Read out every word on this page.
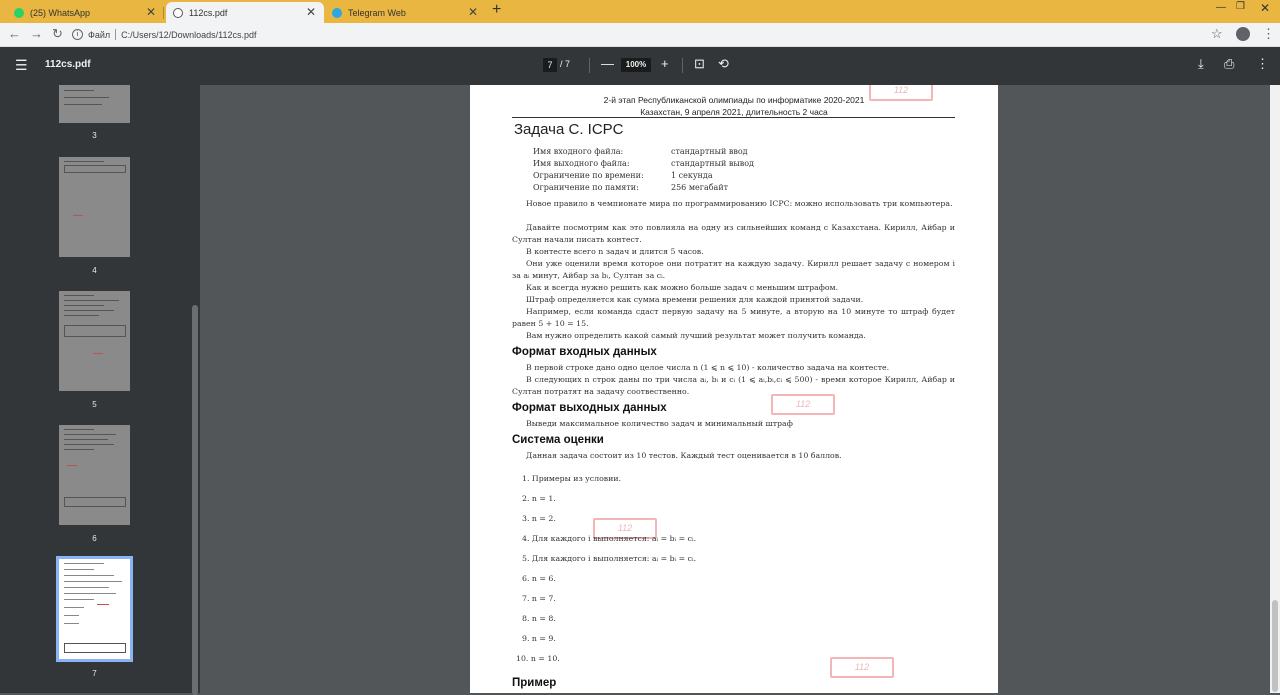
(25) WhatsApp	✕	112cs.pdf	✕	Telegram Web	✕ +	— ❐ ✕
← → ↻	i	Файл C:/Users/12/Downloads/112cs.pdf	☆	⋮
☰ 112cs.pdf	7 / 7 —	100%	+ ⊡ ⟲	⤓ ⎙ ⋮
3
4
5
6
7
112
2-й этап Республиканской олимпиады по информатике 2020-2021
Казахстан, 9 апреля 2021, длительность 2 часа
Задача C. ICPC
Имя входного файла:	стандартный ввод
Имя выходного файла:	стандартный вывод
Ограничение по времени:	1 секунда
Ограничение по памяти:	256 мегабайт
Новое правило в чемпионате мира по программированию ICPC: можно использовать три компьютера.
Давайте посмотрим как это повлияла на одну из сильнейших команд с Казахстана. Кирилл, Айбар и Султан начали писать контест.
В контесте всего n задач и длится 5 часов.
Они уже оценили время которое они потратят на каждую задачу. Кирилл решает задачу с номером i за aᵢ минут, Айбар за bᵢ, Султан за cᵢ.
Как и всегда нужно решить как можно больше задач с меньшим штрафом.
Штраф определяется как сумма времени решения для каждой принятой задачи.
Например, если команда сдаст первую задачу на 5 минуте, а вторую на 10 минуте то штраф будет равен 5 + 10 = 15.
Вам нужно определить какой самый лучший результат может получить команда.
Формат входных данных
В первой строке дано одно целое числа n (1 ⩽ n ⩽ 10) - количество задача на контесте.
В следующих n строк даны по три числа aᵢ, bᵢ и cᵢ (1 ⩽ aᵢ,bᵢ,cᵢ ⩽ 500) - время которое Кирилл, Айбар и Султан потратят на задачу соотвественно.
112
Формат выходных данных
Выведи максимальное количество задач и минимальный штраф
Система оценки
Данная задача состоит из 10 тестов. Каждый тест оценивается в 10 баллов.
1. Примеры из условии.
2. n = 1.
3. n = 2.
112
4. Для каждого i выполняется: aᵢ = bᵢ = cᵢ.
5. Для каждого i выполняется: aᵢ = bᵢ = cᵢ.
6. n = 6.
7. n = 7.
8. n = 8.
9. n = 9.
10. n = 10.
112
Пример
